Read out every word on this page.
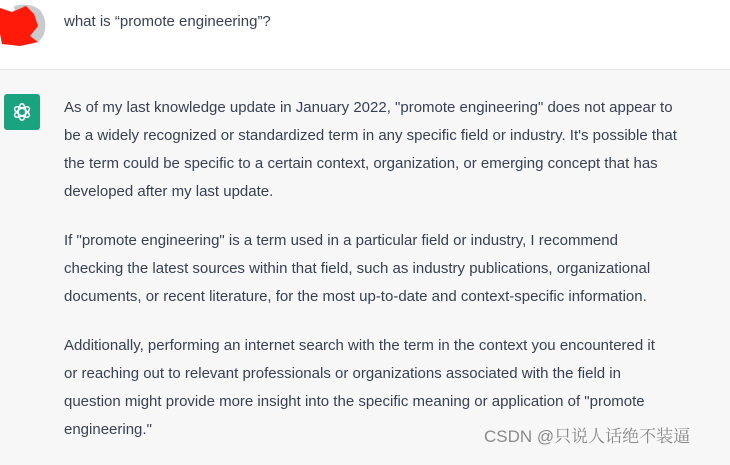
what is “promote engineering”?

As of my last knowledge update in January 2022, "promote engineering" does not appear to
be a widely recognized or standardized term in any specific field or industry. It's possible that
the term could be specific to a certain context, organization, or emerging concept that has
developed after my last update.

If "promote engineering" is a term used in a particular field or industry, I recommend
checking the latest sources within that field, such as industry publications, organizational
documents, or recent literature, for the most up-to-date and context-specific information.

Additionally, performing an internet search with the term in the context you encountered it
or reaching out to relevant professionals or organizations associated with the field in
question might provide more insight into the specific meaning or application of "promote
engineering."	CSDN @只说人话绝不装逼
